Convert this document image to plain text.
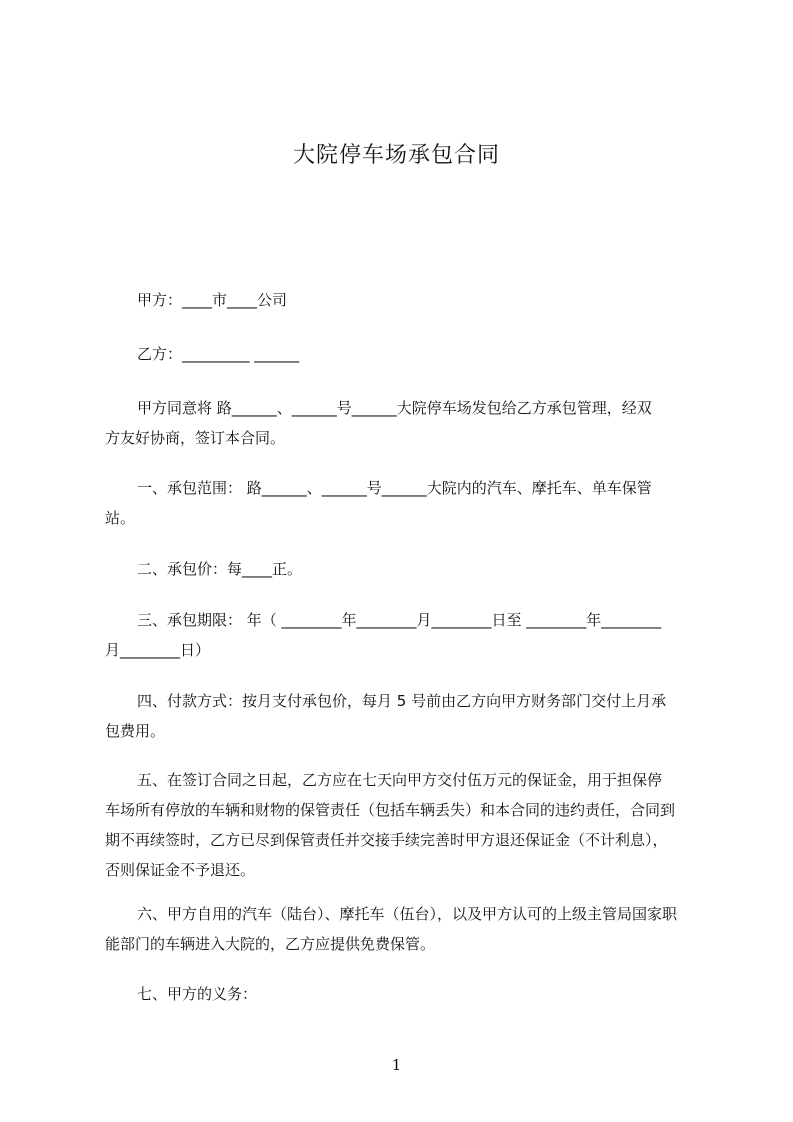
大院停车场承包合同

甲方：____市____公司

乙方：_________ ______

甲方同意将 路______、______号______大院停车场发包给乙方承包管理，经双
方友好协商，签订本合同。
一、承包范围： 路______、______号______大院内的汽车、摩托车、单车保管
站。
二、承包价：每____正。
三、承包期限： 年（ ________年________月________日至 ________年________
月________日）
四、付款方式：按月支付承包价，每月 5 号前由乙方向甲方财务部门交付上月承
包费用。
五、在签订合同之日起，乙方应在七天向甲方交付伍万元的保证金，用于担保停
车场所有停放的车辆和财物的保管责任（包括车辆丢失）和本合同的违约责任，合同到
期不再续签时，乙方已尽到保管责任并交接手续完善时甲方退还保证金（不计利息），
否则保证金不予退还。
六、甲方自用的汽车（陆台）、摩托车（伍台），以及甲方认可的上级主管局国家职
能部门的车辆进入大院的，乙方应提供免费保管。
七、甲方的义务：
1
